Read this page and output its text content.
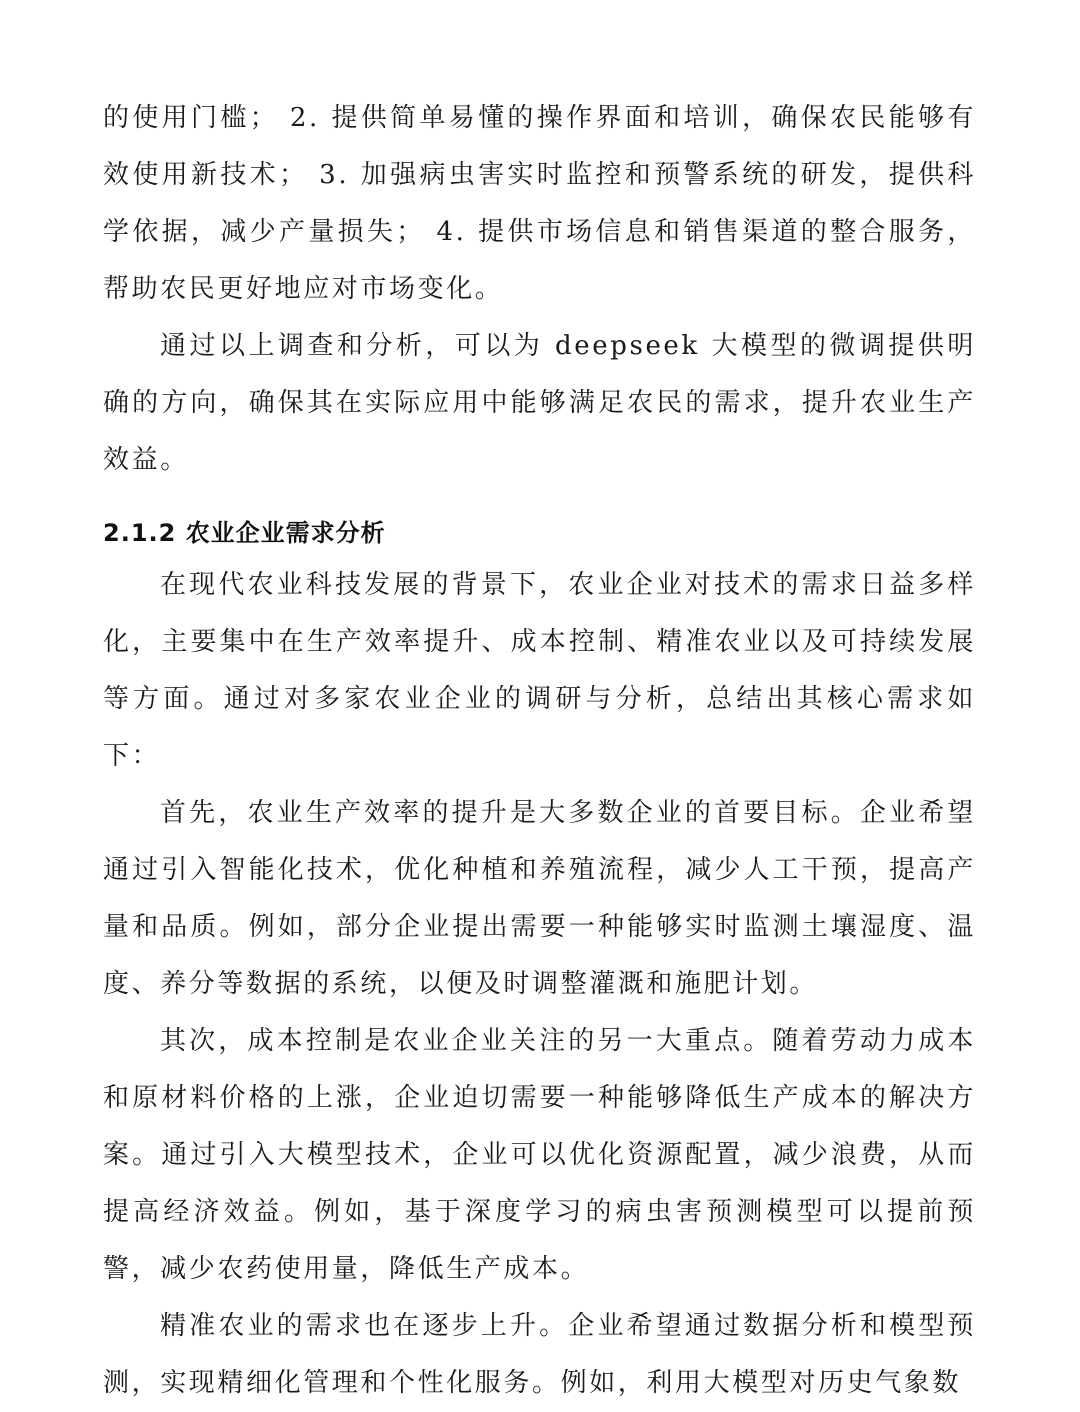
的使用门槛； 2. 提供简单易懂的操作界面和培训，确保农民能够有效使用新技术； 3. 加强病虫害实时监控和预警系统的研发，提供科学依据，减少产量损失； 4. 提供市场信息和销售渠道的整合服务，帮助农民更好地应对市场变化。

通过以上调查和分析，可以为 deepseek 大模型的微调提供明确的方向，确保其在实际应用中能够满足农民的需求，提升农业生产效益。

2.1.2 农业企业需求分析

在现代农业科技发展的背景下，农业企业对技术的需求日益多样化，主要集中在生产效率提升、成本控制、精准农业以及可持续发展等方面。通过对多家农业企业的调研与分析，总结出其核心需求如下：

首先，农业生产效率的提升是大多数企业的首要目标。企业希望通过引入智能化技术，优化种植和养殖流程，减少人工干预，提高产量和品质。例如，部分企业提出需要一种能够实时监测土壤湿度、温度、养分等数据的系统，以便及时调整灌溉和施肥计划。

其次，成本控制是农业企业关注的另一大重点。随着劳动力成本和原材料价格的上涨，企业迫切需要一种能够降低生产成本的解决方案。通过引入大模型技术，企业可以优化资源配置，减少浪费，从而提高经济效益。例如，基于深度学习的病虫害预测模型可以提前预警，减少农药使用量，降低生产成本。

精准农业的需求也在逐步上升。企业希望通过数据分析和模型预测，实现精细化管理和个性化服务。例如，利用大模型对历史气象数
